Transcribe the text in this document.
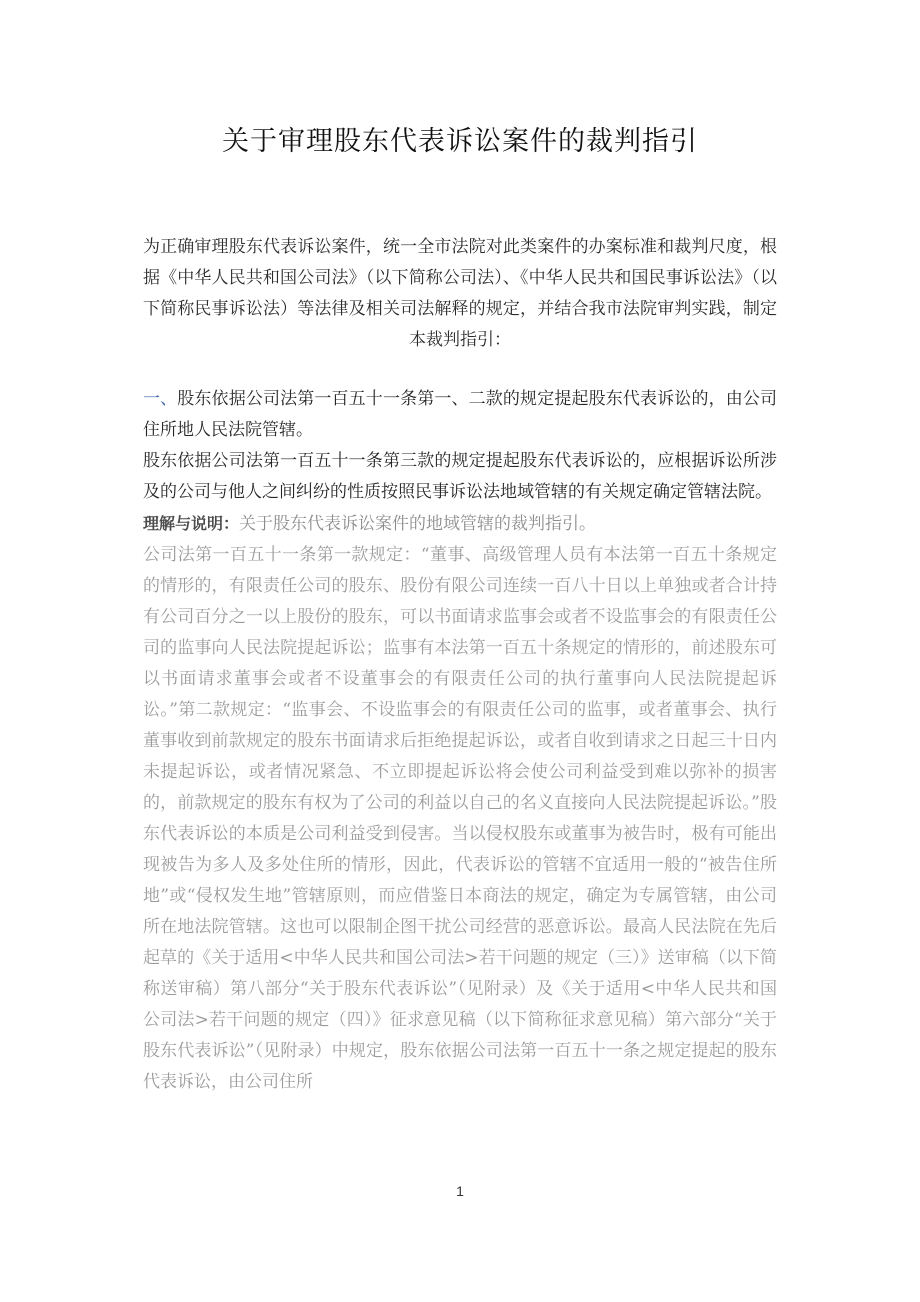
关于审理股东代表诉讼案件的裁判指引
为正确审理股东代表诉讼案件，统一全市法院对此类案件的办案标准和裁判尺度，根据《中华人民共和国公司法》（以下简称公司法）、《中华人民共和国民事诉讼法》（以下简称民事诉讼法）等法律及相关司法解释的规定，并结合我市法院审判实践，制定本裁判指引：

一、股东依据公司法第一百五十一条第一、二款的规定提起股东代表诉讼的，由公司住所地人民法院管辖。

股东依据公司法第一百五十一条第三款的规定提起股东代表诉讼的，应根据诉讼所涉及的公司与他人之间纠纷的性质按照民事诉讼法地域管辖的有关规定确定管辖法院。

理解与说明：关于股东代表诉讼案件的地域管辖的裁判指引。

公司法第一百五十一条第一款规定：“董事、高级管理人员有本法第一百五十条规定的情形的，有限责任公司的股东、股份有限公司连续一百八十日以上单独或者合计持有公司百分之一以上股份的股东，可以书面请求监事会或者不设监事会的有限责任公司的监事向人民法院提起诉讼；监事有本法第一百五十条规定的情形的，前述股东可以书面请求董事会或者不设董事会的有限责任公司的执行董事向人民法院提起诉讼。”第二款规定：“监事会、不设监事会的有限责任公司的监事，或者董事会、执行董事收到前款规定的股东书面请求后拒绝提起诉讼，或者自收到请求之日起三十日内未提起诉讼，或者情况紧急、不立即提起诉讼将会使公司利益受到难以弥补的损害的，前款规定的股东有权为了公司的利益以自己的名义直接向人民法院提起诉讼。”股东代表诉讼的本质是公司利益受到侵害。当以侵权股东或董事为被告时，极有可能出现被告为多人及多处住所的情形，因此，代表诉讼的管辖不宜适用一般的“被告住所地”或“侵权发生地”管辖原则，而应借鉴日本商法的规定，确定为专属管辖，由公司所在地法院管辖。这也可以限制企图干扰公司经营的恶意诉讼。最高人民法院在先后起草的《关于适用<中华人民共和国公司法>若干问题的规定（三）》送审稿（以下简称送审稿）第八部分“关于股东代表诉讼”（见附录）及《关于适用<中华人民共和国公司法>若干问题的规定（四）》征求意见稿（以下简称征求意见稿）第六部分“关于股东代表诉讼”（见附录）中规定，股东依据公司法第一百五十一条之规定提起的股东代表诉讼，由公司住所

1
